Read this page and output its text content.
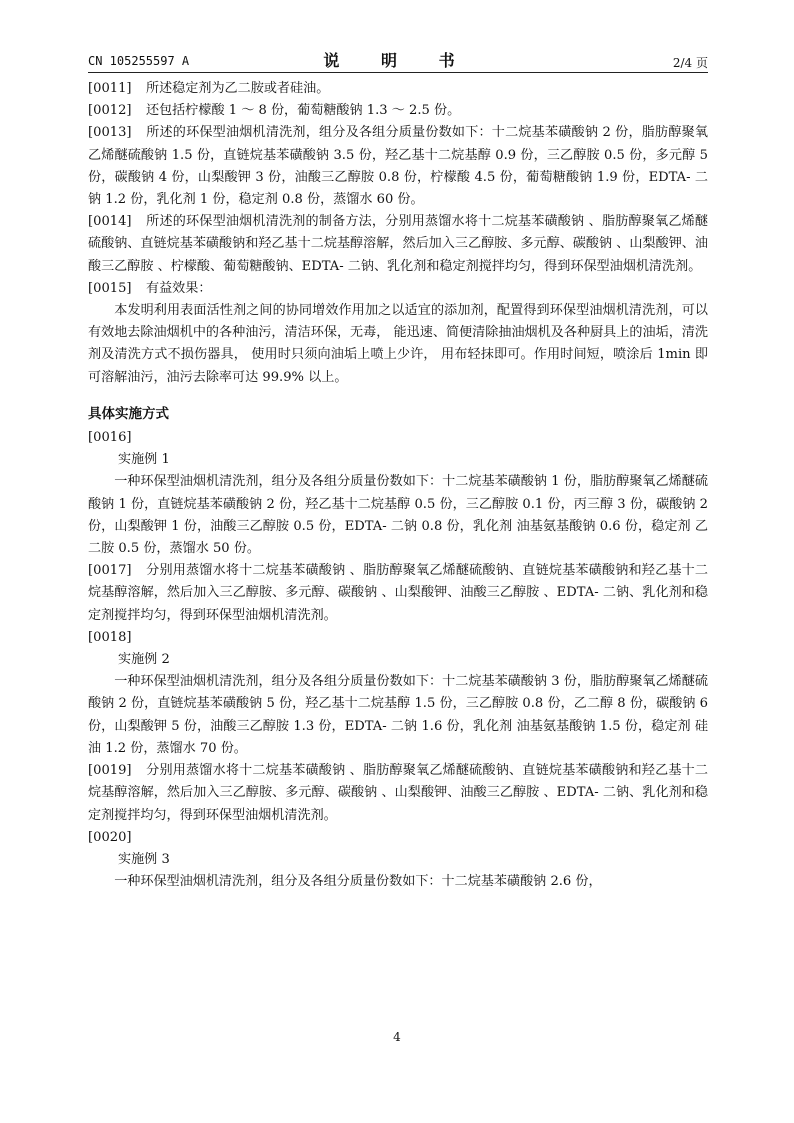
CN 105255597 A	说 明 书	2/4 页

[0011] 所述稳定剂为乙二胺或者硅油。

[0012] 还包括柠檬酸 1 ～ 8 份，葡萄糖酸钠 1.3 ～ 2.5 份。

[0013] 所述的环保型油烟机清洗剂，组分及各组分质量份数如下：十二烷基苯磺酸钠 2 份，脂肪醇聚氧乙烯醚硫酸钠 1.5 份，直链烷基苯磺酸钠 3.5 份，羟乙基十二烷基醇 0.9 份，三乙醇胺 0.5 份，多元醇 5 份，碳酸钠 4 份，山梨酸钾 3 份，油酸三乙醇胺 0.8 份，柠檬酸 4.5 份，葡萄糖酸钠 1.9 份，EDTA- 二钠 1.2 份，乳化剂 1 份，稳定剂 0.8 份，蒸馏水 60 份。

[0014] 所述的环保型油烟机清洗剂的制备方法，分别用蒸馏水将十二烷基苯磺酸钠 、脂肪醇聚氧乙烯醚硫酸钠、直链烷基苯磺酸钠和羟乙基十二烷基醇溶解，然后加入三乙醇胺、多元醇、碳酸钠 、山梨酸钾、油酸三乙醇胺 、柠檬酸、葡萄糖酸钠、EDTA- 二钠、乳化剂和稳定剂搅拌均匀，得到环保型油烟机清洗剂。

[0015] 有益效果：

本发明利用表面活性剂之间的协同增效作用加之以适宜的添加剂，配置得到环保型油烟机清洗剂，可以有效地去除油烟机中的各种油污，清洁环保，无毒， 能迅速、简便清除抽油烟机及各种厨具上的油垢，清洗剂及清洗方式不损伤器具， 使用时只须向油垢上喷上少许， 用布轻抹即可。作用时间短，喷涂后 1min 即可溶解油污，油污去除率可达 99.9% 以上。

具体实施方式

[0016]

实施例 1

一种环保型油烟机清洗剂，组分及各组分质量份数如下：十二烷基苯磺酸钠 1 份，脂肪醇聚氧乙烯醚硫酸钠 1 份，直链烷基苯磺酸钠 2 份，羟乙基十二烷基醇 0.5 份，三乙醇胺 0.1 份，丙三醇 3 份，碳酸钠 2 份，山梨酸钾 1 份，油酸三乙醇胺 0.5 份，EDTA- 二钠 0.8 份，乳化剂 油基氨基酸钠 0.6 份，稳定剂 乙二胺 0.5 份，蒸馏水 50 份。

[0017] 分别用蒸馏水将十二烷基苯磺酸钠 、脂肪醇聚氧乙烯醚硫酸钠、直链烷基苯磺酸钠和羟乙基十二烷基醇溶解，然后加入三乙醇胺、多元醇、碳酸钠 、山梨酸钾、油酸三乙醇胺 、EDTA- 二钠、乳化剂和稳定剂搅拌均匀，得到环保型油烟机清洗剂。

[0018]

实施例 2

一种环保型油烟机清洗剂，组分及各组分质量份数如下：十二烷基苯磺酸钠 3 份，脂肪醇聚氧乙烯醚硫酸钠 2 份，直链烷基苯磺酸钠 5 份，羟乙基十二烷基醇 1.5 份，三乙醇胺 0.8 份，乙二醇 8 份，碳酸钠 6 份，山梨酸钾 5 份，油酸三乙醇胺 1.3 份，EDTA- 二钠 1.6 份，乳化剂 油基氨基酸钠 1.5 份，稳定剂 硅油 1.2 份，蒸馏水 70 份。

[0019] 分别用蒸馏水将十二烷基苯磺酸钠 、脂肪醇聚氧乙烯醚硫酸钠、直链烷基苯磺酸钠和羟乙基十二烷基醇溶解，然后加入三乙醇胺、多元醇、碳酸钠 、山梨酸钾、油酸三乙醇胺 、EDTA- 二钠、乳化剂和稳定剂搅拌均匀，得到环保型油烟机清洗剂。

[0020]

实施例 3

一种环保型油烟机清洗剂，组分及各组分质量份数如下：十二烷基苯磺酸钠 2.6 份，

4
